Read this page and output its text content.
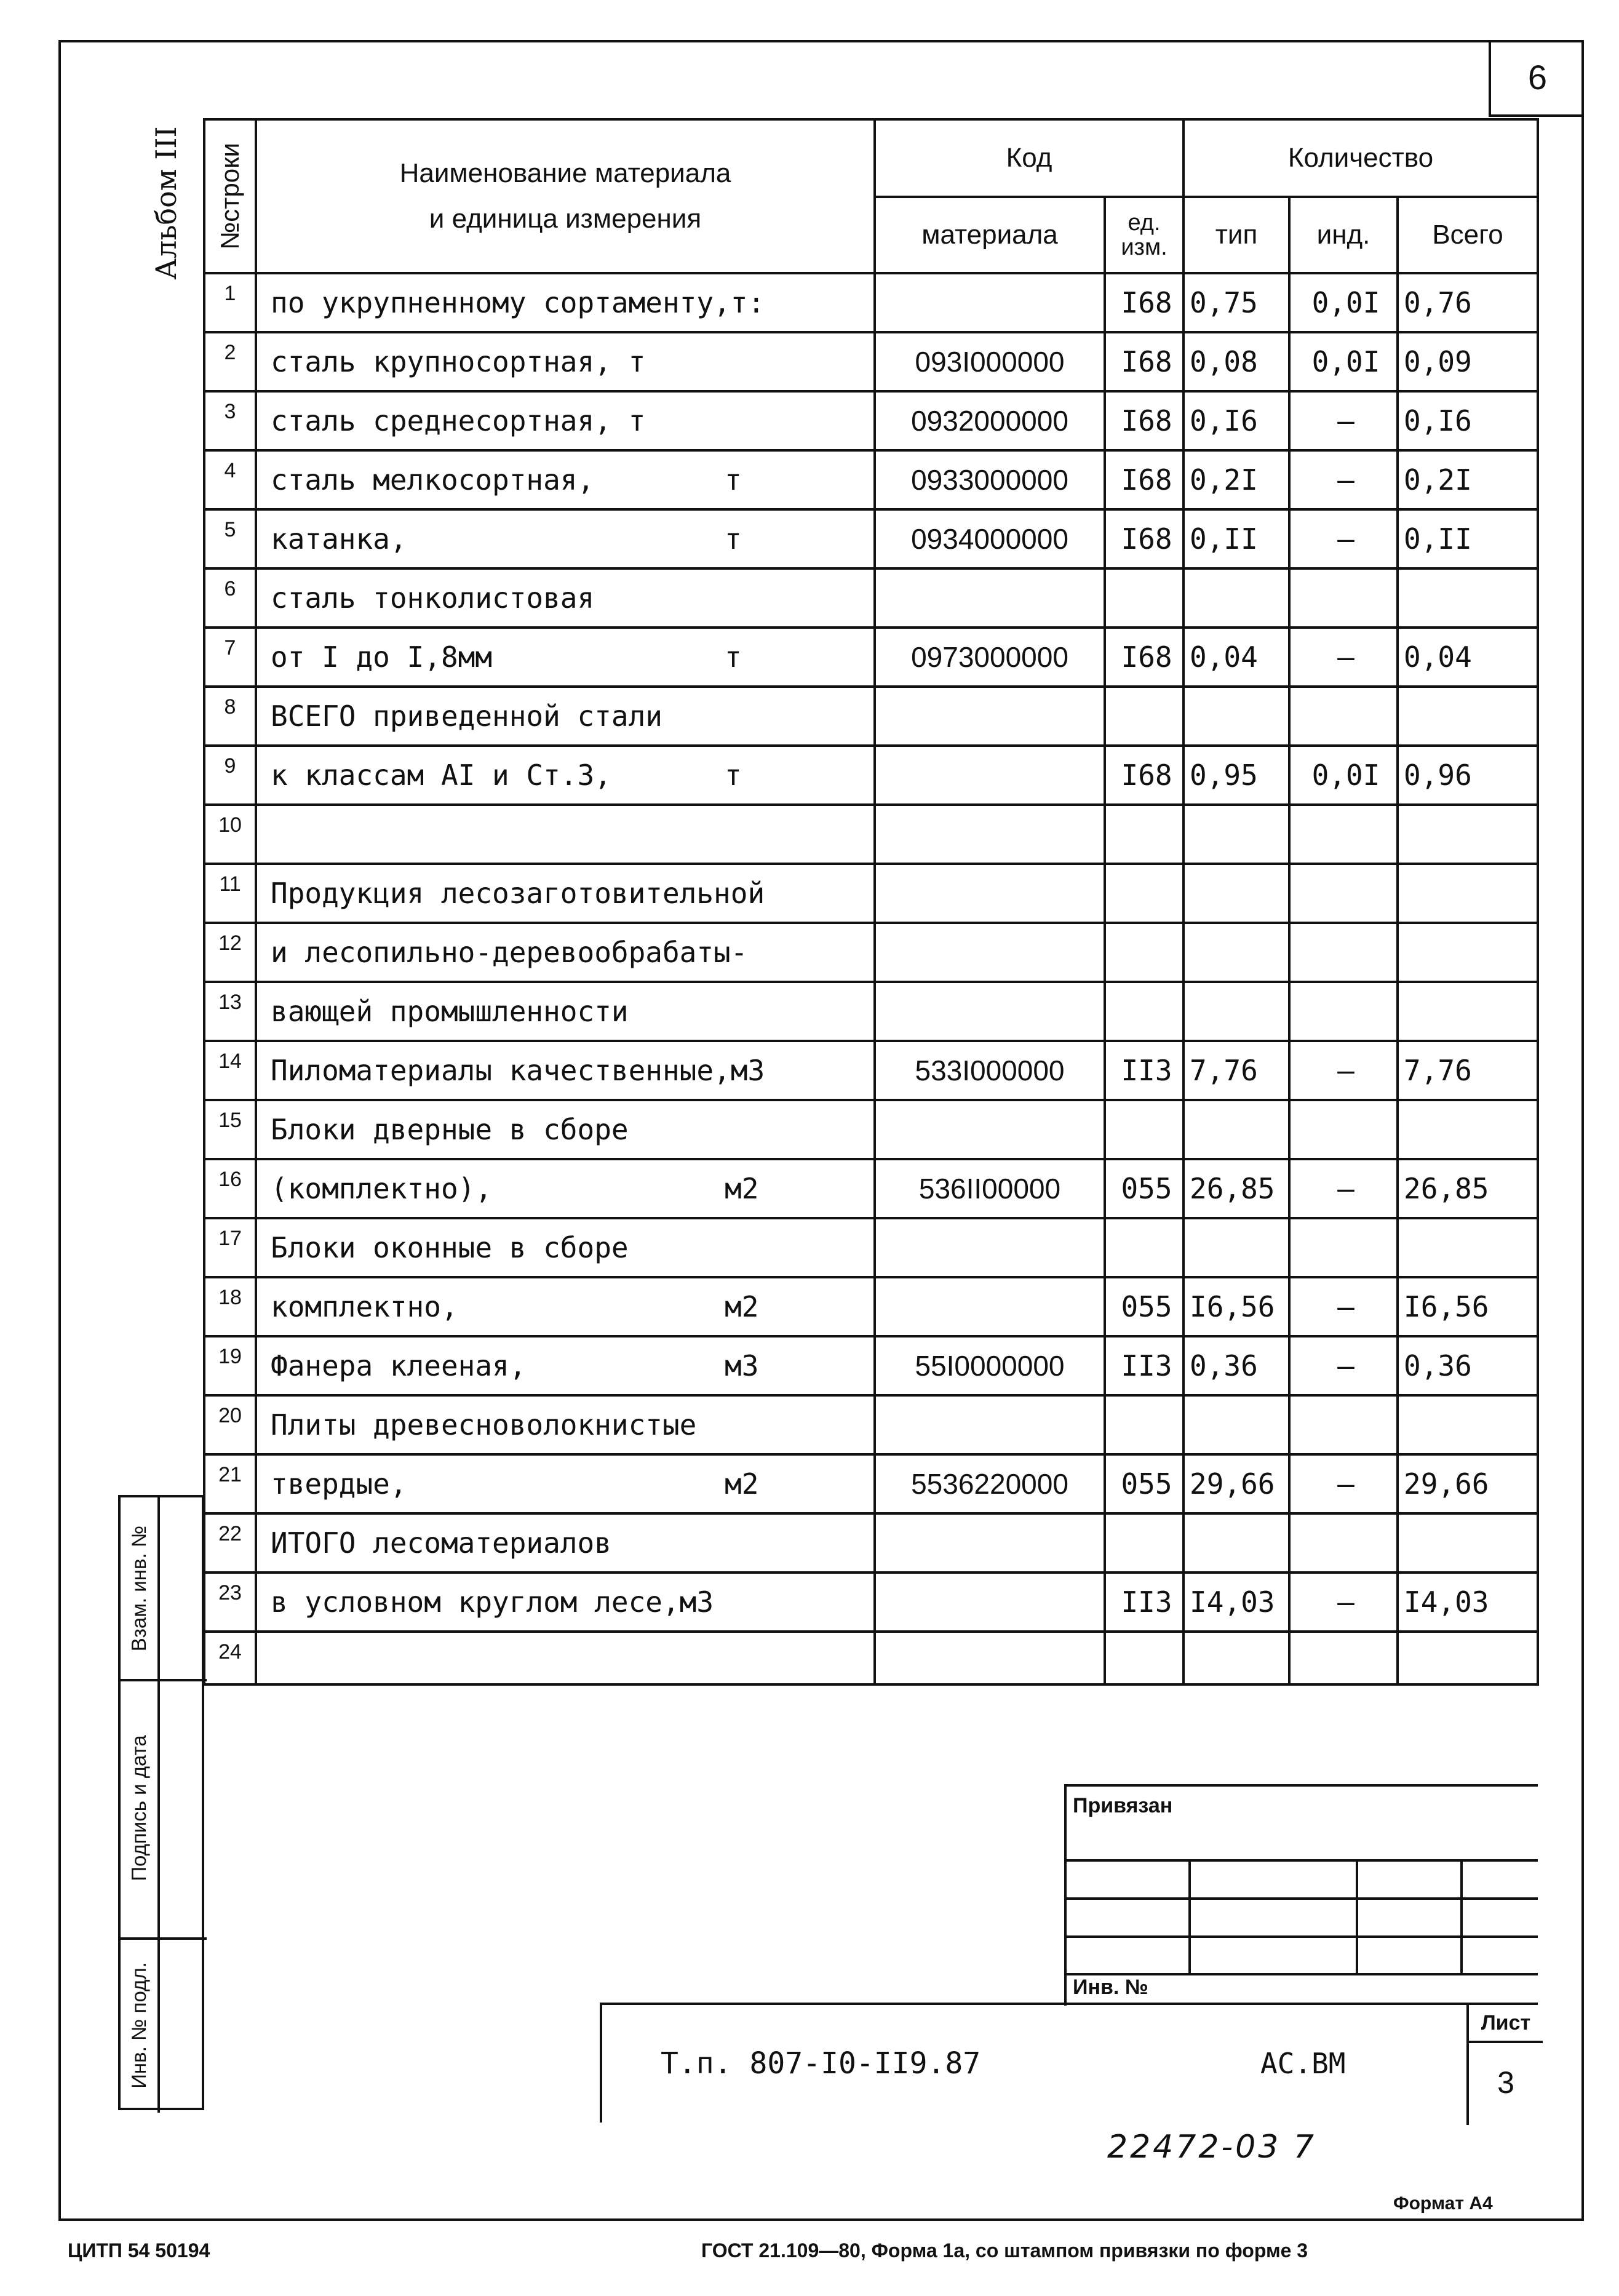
6
Альбом III №строки	Наименование материала
и единица измерения	Код		Количество		
		материала	ед. изм.	тип	инд.	Всего
1	по укрупненному сортаменту,т:		I68	0,75	0,0I	0,76
2	сталь крупносортная, т	093I000000	I68	0,08	0,0I	0,09
3	сталь среднесортная, т	0932000000	I68	0,I6	–	0,I6
4	сталь мелкосортная, т	0933000000	I68	0,2I	–	0,2I
5	катанка, т	0934000000	I68	0,II	–	0,II
6	сталь тонколистовая

7	от I до I,8мм т	0973000000	I68	0,04	–	0,04
8	ВСЕГО приведенной стали

9	к классам АI и Ст.3, т		I68	0,95	0,0I	0,96
10	

11	Продукция лесозаготовительной

12	и лесопильно-деревообрабаты-

13	вающей промышленности

14	Пиломатериалы качественные,м3	533I000000	II3	7,76	–	7,76
15	Блоки дверные в сборе

16	(комплектно), м2	536II00000	055	26,85	–	26,85
17	Блоки оконные в сборе

18	комплектно, м2		055	I6,56	–	I6,56
19	Фанера клееная, м3	55I0000000	II3	0,36	–	0,36
20	Плиты древесноволокнистые

21	твердые, м2	5536220000	055	29,66	–	29,66
22	ИТОГО лесоматериалов

23	в условном круглом лесе,м3		II3	I4,03	–	I4,03
24	

Взам. инв. №
Подпись и дата
Инв. № подл.
Привязан
Инв. №
Т.п. 807-I0-II9.87	АС.ВМ
Лист
3
22472-03 7
Формат А4
ЦИТП 54 50194	ГОСТ 21.109—80, Форма 1а, со штампом привязки по форме 3
